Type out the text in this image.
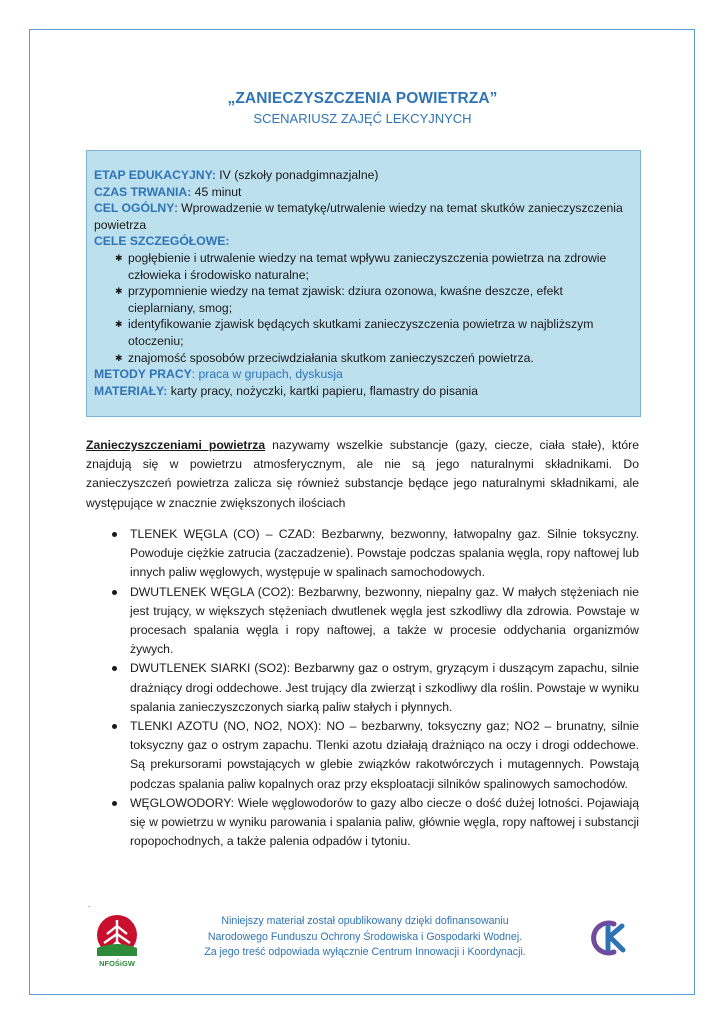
„ZANIECZYSZCZENIA POWIETRZA”
SCENARIUSZ ZAJĘĆ LEKCYJNYCH

ETAP EDUKACYJNY: IV (szkoły ponadgimnazjalne)

CZAS TRWANIA: 45 minut

CEL OGÓLNY: Wprowadzenie w tematykę/utrwalenie wiedzy na temat skutków zanieczyszczenia powietrza

CELE SZCZEGÓŁOWE:

✱ pogłębienie i utrwalenie wiedzy na temat wpływu zanieczyszczenia powietrza na zdrowie człowieka i środowisko naturalne;
✱ przypomnienie wiedzy na temat zjawisk: dziura ozonowa, kwaśne deszcze, efekt cieplarniany, smog;
✱ identyfikowanie zjawisk będących skutkami zanieczyszczenia powietrza w najbliższym otoczeniu;
✱ znajomość sposobów przeciwdziałania skutkom zanieczyszczeń powietrza.

METODY PRACY: praca w grupach, dyskusja

MATERIAŁY: karty pracy, nożyczki, kartki papieru, flamastry do pisania

Zanieczyszczeniami powietrza nazywamy wszelkie substancje (gazy, ciecze, ciała stałe), które znajdują się w powietrzu atmosferycznym, ale nie są jego naturalnymi składnikami. Do zanieczyszczeń powietrza zalicza się również substancje będące jego naturalnymi składnikami, ale występujące w znacznie zwiększonych ilościach

TLENEK WĘGLA (CO) – CZAD: Bezbarwny, bezwonny, łatwopalny gaz. Silnie toksyczny. Powoduje ciężkie zatrucia (zaczadzenie). Powstaje podczas spalania węgla, ropy naftowej lub innych paliw węglowych, występuje w spalinach samochodowych.
DWUTLENEK WĘGLA (CO2): Bezbarwny, bezwonny, niepalny gaz. W małych stężeniach nie jest trujący, w większych stężeniach dwutlenek węgla jest szkodliwy dla zdrowia. Powstaje w procesach spalania węgla i ropy naftowej, a także w procesie oddychania organizmów żywych.
DWUTLENEK SIARKI (SO2): Bezbarwny gaz o ostrym, gryzącym i duszącym zapachu, silnie drażniący drogi oddechowe. Jest trujący dla zwierząt i szkodliwy dla roślin. Powstaje w wyniku spalania zanieczyszczonych siarką paliw stałych i płynnych.
TLENKI AZOTU (NO, NO2, NOX): NO – bezbarwny, toksyczny gaz; NO2 – brunatny, silnie toksyczny gaz o ostrym zapachu. Tlenki azotu działają drażniąco na oczy i drogi oddechowe. Są prekursorami powstających w glebie związków rakotwórczych i mutagennych. Powstają podczas spalania paliw kopalnych oraz przy eksploatacji silników spalinowych samochodów.
WĘGLOWODORY: Wiele węglowodorów to gazy albo ciecze o dość dużej lotności. Pojawiają się w powietrzu w wyniku parowania i spalania paliw, głównie węgla, ropy naftowej i substancji ropopochodnych, a także palenia odpadów i tytoniu.
.
NFOŚiGW
Niniejszy materiał został opublikowany dzięki dofinansowaniu
Narodowego Funduszu Ochrony Środowiska i Gospodarki Wodnej.
Za jego treść odpowiada wyłącznie Centrum Innowacji i Koordynacji.
